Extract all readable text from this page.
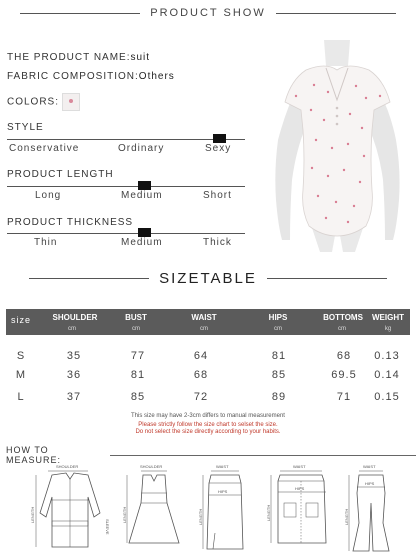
PRODUCT SHOW
THE PRODUCT NAME:suit
FABRIC COMPOSITION:Others
COLORS:
STYLE
Conservative	Ordinary	Sexy
PRODUCT LENGTH
Long	Medium	Short
PRODUCT THICKNESS
Thin	Medium	Thick
SIZETABLE
size	SHOULDER	BUST	WAIST	HIPS	BOTTOMS WEIGHT
cm	cm	cm	cm	cm	kg
S	35	77	64	81	68 0.13
M	36	81	68	85	69.5 0.14
L	37	85	72	89	71 0.15
This size may have 2-3cm differs to manual measurement
Please strictly follow the size chart to selset the size.
Do not select the size directly according to your habits.
HOW TO MEASURE:
SHOULDER
LENGTH
SLEEVE
SHOULDER
LENGTH
WAIST
HIPS
LENGTH
WAIST
HIPS
LENGTH
WAIST
HIPS
LENGTH
